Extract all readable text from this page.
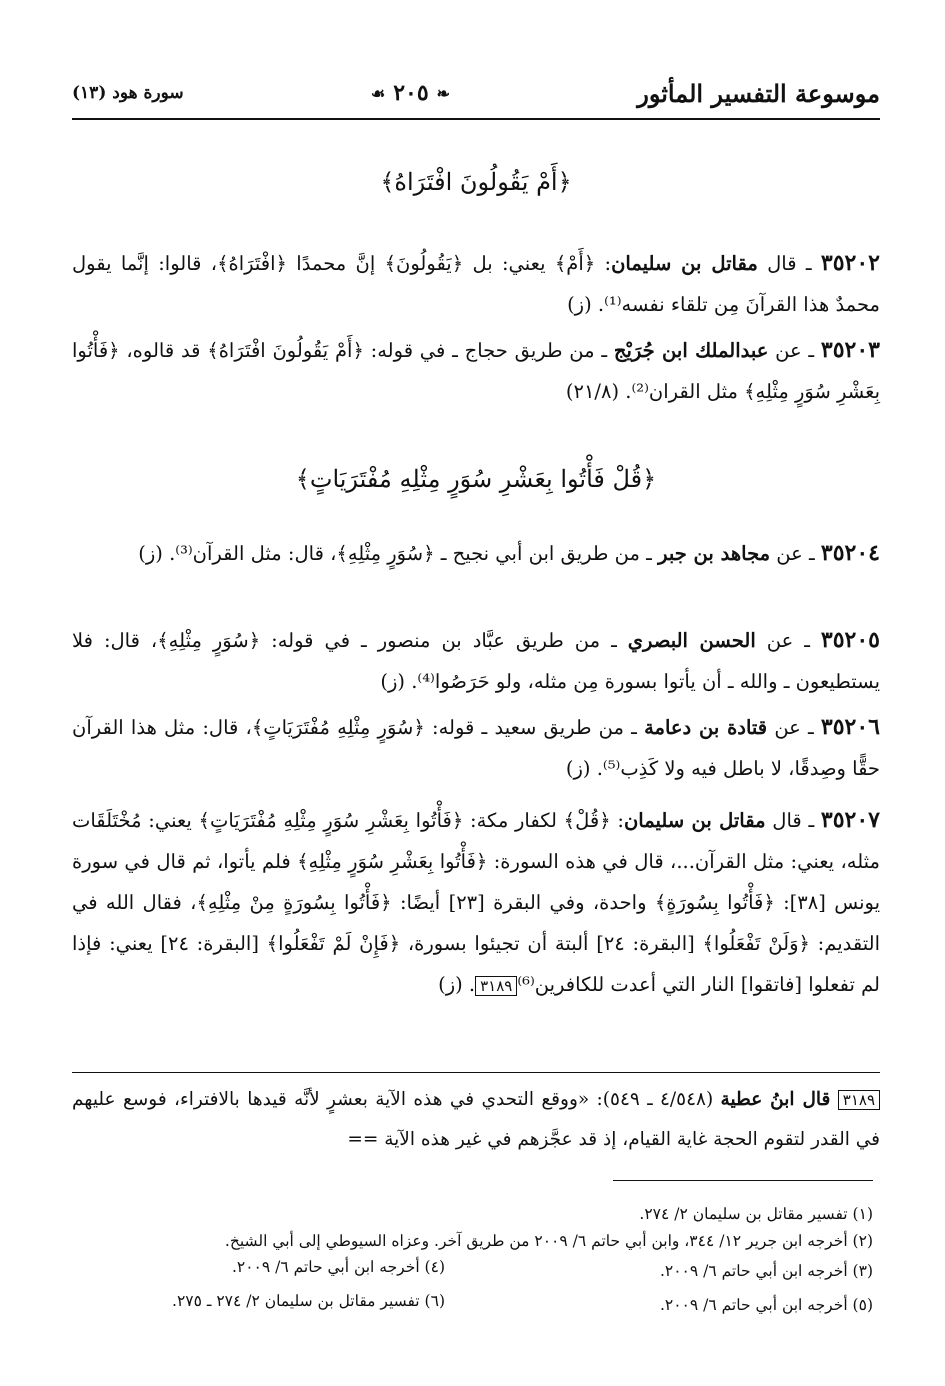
موسوعة التفسير المأثور
❧
٢٠٥
☙
سورة هود (١٣)
﴿أَمْ يَقُولُونَ افْتَرَاهُ﴾
٣٥٢٠٢ ـ قال مقاتل بن سليمان: ﴿أَمْ﴾ يعني: بل ﴿يَقُولُونَ﴾ إنَّ محمدًا ﴿افْتَرَاهُ﴾، قالوا: إنَّما يقول محمدٌ هذا القرآنَ مِن تلقاء نفسه⁽¹⁾. (ز)
٣٥٢٠٣ ـ عن عبدالملك ابن جُرَيْج ـ من طريق حجاج ـ في قوله: ﴿أَمْ يَقُولُونَ افْتَرَاهُ﴾ قد قالوه، ﴿فَأْتُوا بِعَشْرِ سُوَرٍ مِثْلِهِ﴾ مثل القران⁽²⁾. (٢١/٨)
﴿قُلْ فَأْتُوا بِعَشْرِ سُوَرٍ مِثْلِهِ مُفْتَرَيَاتٍ﴾
٣٥٢٠٤ ـ عن مجاهد بن جبر ـ من طريق ابن أبي نجيح ـ ﴿سُوَرٍ مِثْلِهِ﴾، قال: مثل القرآن⁽³⁾. (ز)
٣٥٢٠٥ ـ عن الحسن البصري ـ من طريق عبَّاد بن منصور ـ في قوله: ﴿سُوَرٍ مِثْلِهِ﴾، قال: فلا يستطيعون ـ والله ـ أن يأتوا بسورة مِن مثله، ولو حَرَصُوا⁽⁴⁾. (ز)
٣٥٢٠٦ ـ عن قتادة بن دعامة ـ من طريق سعيد ـ قوله: ﴿سُوَرٍ مِثْلِهِ مُفْتَرَيَاتٍ﴾، قال: مثل هذا القرآن حقًّا وصِدقًا، لا باطل فيه ولا كَذِب⁽⁵⁾. (ز)
٣٥٢٠٧ ـ قال مقاتل بن سليمان: ﴿قُلْ﴾ لكفار مكة: ﴿فَأْتُوا بِعَشْرِ سُوَرٍ مِثْلِهِ مُفْتَرَيَاتٍ﴾ يعني: مُخْتَلَقَات مثله، يعني: مثل القرآن...، قال في هذه السورة: ﴿فَأْتُوا بِعَشْرِ سُوَرٍ مِثْلِهِ﴾ فلم يأتوا، ثم قال في سورة يونس [٣٨]: ﴿فَأْتُوا بِسُورَةٍ﴾ واحدة، وفي البقرة [٢٣] أيضًا: ﴿فَأْتُوا بِسُورَةٍ مِنْ مِثْلِهِ﴾، فقال الله في التقديم: ﴿وَلَنْ تَفْعَلُوا﴾ [البقرة: ٢٤] ألبتة أن تجيئوا بسورة، ﴿فَإِنْ لَمْ تَفْعَلُوا﴾ [البقرة: ٢٤] يعني: فإذا لم تفعلوا [فاتقوا] النار التي أعدت للكافرين⁽⁶⁾٣١٨٩. (ز)
٣١٨٩ قال ابنُ عطية (٤/٥٤٨ ـ ٥٤٩): «ووقع التحدي في هذه الآية بعشرٍ لأنَّه قيدها بالافتراء، فوسع عليهم في القدر لتقوم الحجة غاية القيام، إذ قد عجَّزهم في غير هذه الآية ==
(١) تفسير مقاتل بن سليمان ٢/ ٢٧٤.
(٢) أخرجه ابن جرير ١٢/ ٣٤٤، وابن أبي حاتم ٦/ ٢٠٠٩ من طريق آخر. وعزاه السيوطي إلى أبي الشيخ.
(٣) أخرجه ابن أبي حاتم ٦/ ٢٠٠٩.
(٤) أخرجه ابن أبي حاتم ٦/ ٢٠٠٩.
(٥) أخرجه ابن أبي حاتم ٦/ ٢٠٠٩.
(٦) تفسير مقاتل بن سليمان ٢/ ٢٧٤ ـ ٢٧٥.
